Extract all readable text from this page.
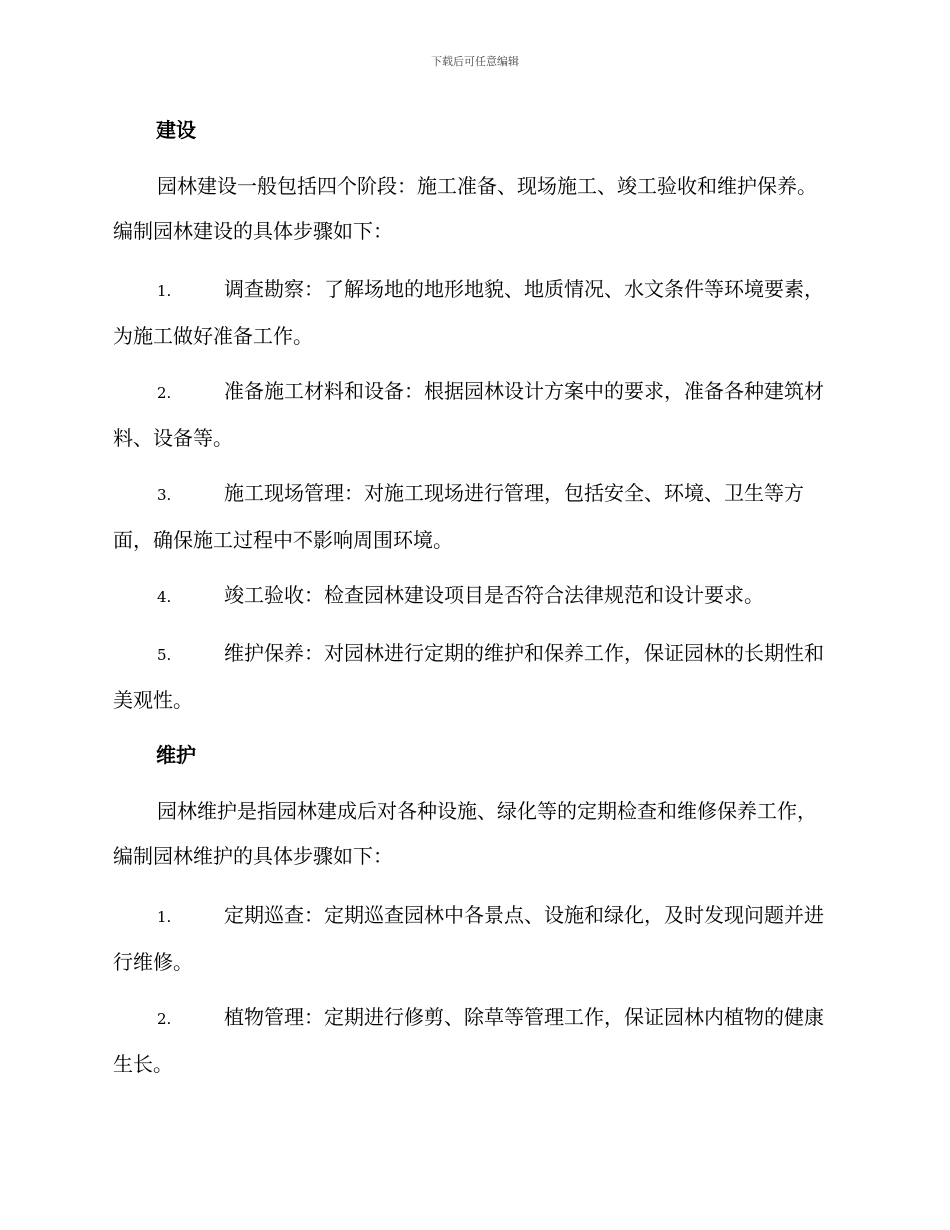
下载后可任意编辑
建设

园林建设一般包括四个阶段：施工准备、现场施工、竣工验收和维护保养。编制园林建设的具体步骤如下：

1.	调查勘察：了解场地的地形地貌、地质情况、水文条件等环境要素，为施工做好准备工作。
2.	准备施工材料和设备：根据园林设计方案中的要求，准备各种建筑材料、设备等。
3.	施工现场管理：对施工现场进行管理，包括安全、环境、卫生等方面，确保施工过程中不影响周围环境。
4.	竣工验收：检查园林建设项目是否符合法律规范和设计要求。
5.	维护保养：对园林进行定期的维护和保养工作，保证园林的长期性和美观性。
维护

园林维护是指园林建成后对各种设施、绿化等的定期检查和维修保养工作，编制园林维护的具体步骤如下：

1.	定期巡查：定期巡查园林中各景点、设施和绿化，及时发现问题并进行维修。
2.	植物管理：定期进行修剪、除草等管理工作，保证园林内植物的健康生长。
